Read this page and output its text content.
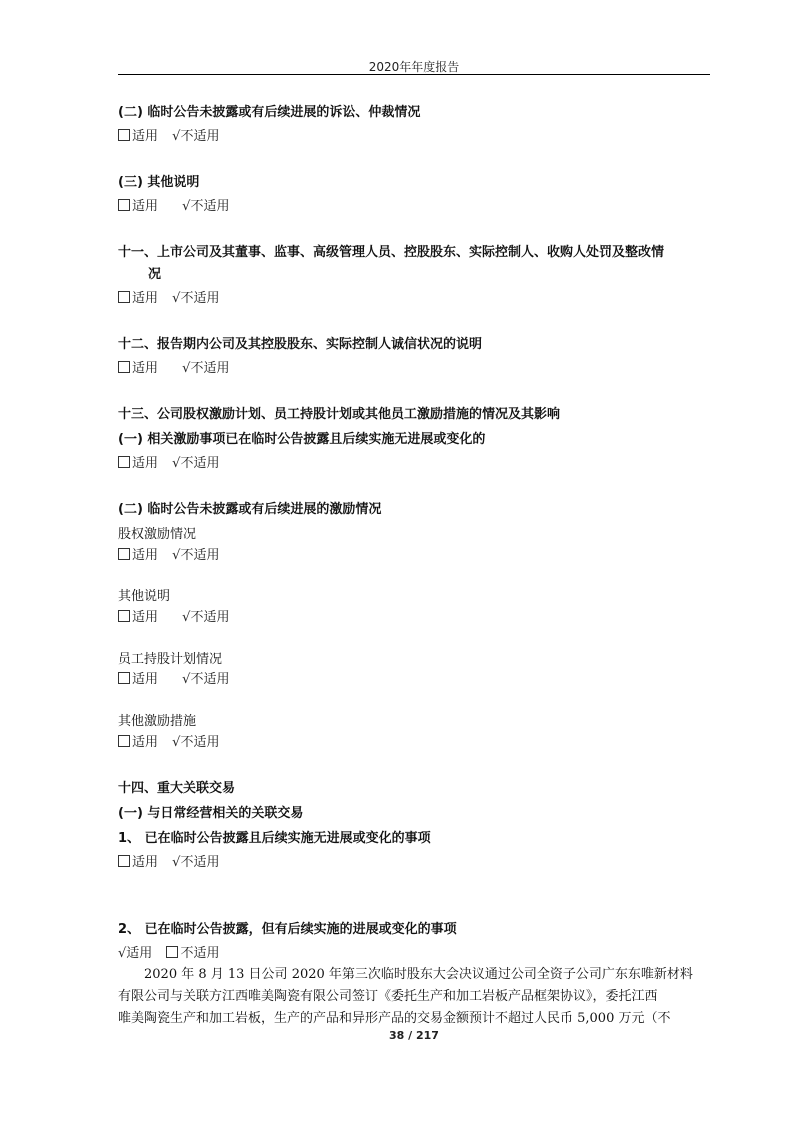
2020年年度报告
(二) 临时公告未披露或有后续进展的诉讼、仲裁情况
适用 √不适用
(三) 其他说明
适用 √不适用
十一、上市公司及其董事、监事、高级管理人员、控股股东、实际控制人、收购人处罚及整改情
况
适用 √不适用
十二、报告期内公司及其控股股东、实际控制人诚信状况的说明
适用 √不适用
十三、公司股权激励计划、员工持股计划或其他员工激励措施的情况及其影响
(一) 相关激励事项已在临时公告披露且后续实施无进展或变化的
适用 √不适用
(二) 临时公告未披露或有后续进展的激励情况
股权激励情况
适用 √不适用
其他说明
适用 √不适用
员工持股计划情况
适用 √不适用
其他激励措施
适用 √不适用
十四、重大关联交易
(一) 与日常经营相关的关联交易
1、 已在临时公告披露且后续实施无进展或变化的事项
适用 √不适用
2、 已在临时公告披露，但有后续实施的进展或变化的事项
√适用 不适用
2020 年 8 月 13 日公司 2020 年第三次临时股东大会决议通过公司全资子公司广东东唯新材料
有限公司与关联方江西唯美陶瓷有限公司签订《委托生产和加工岩板产品框架协议》，委托江西
唯美陶瓷生产和加工岩板，生产的产品和异形产品的交易金额预计不超过人民币 5,000 万元（不
38 / 217
